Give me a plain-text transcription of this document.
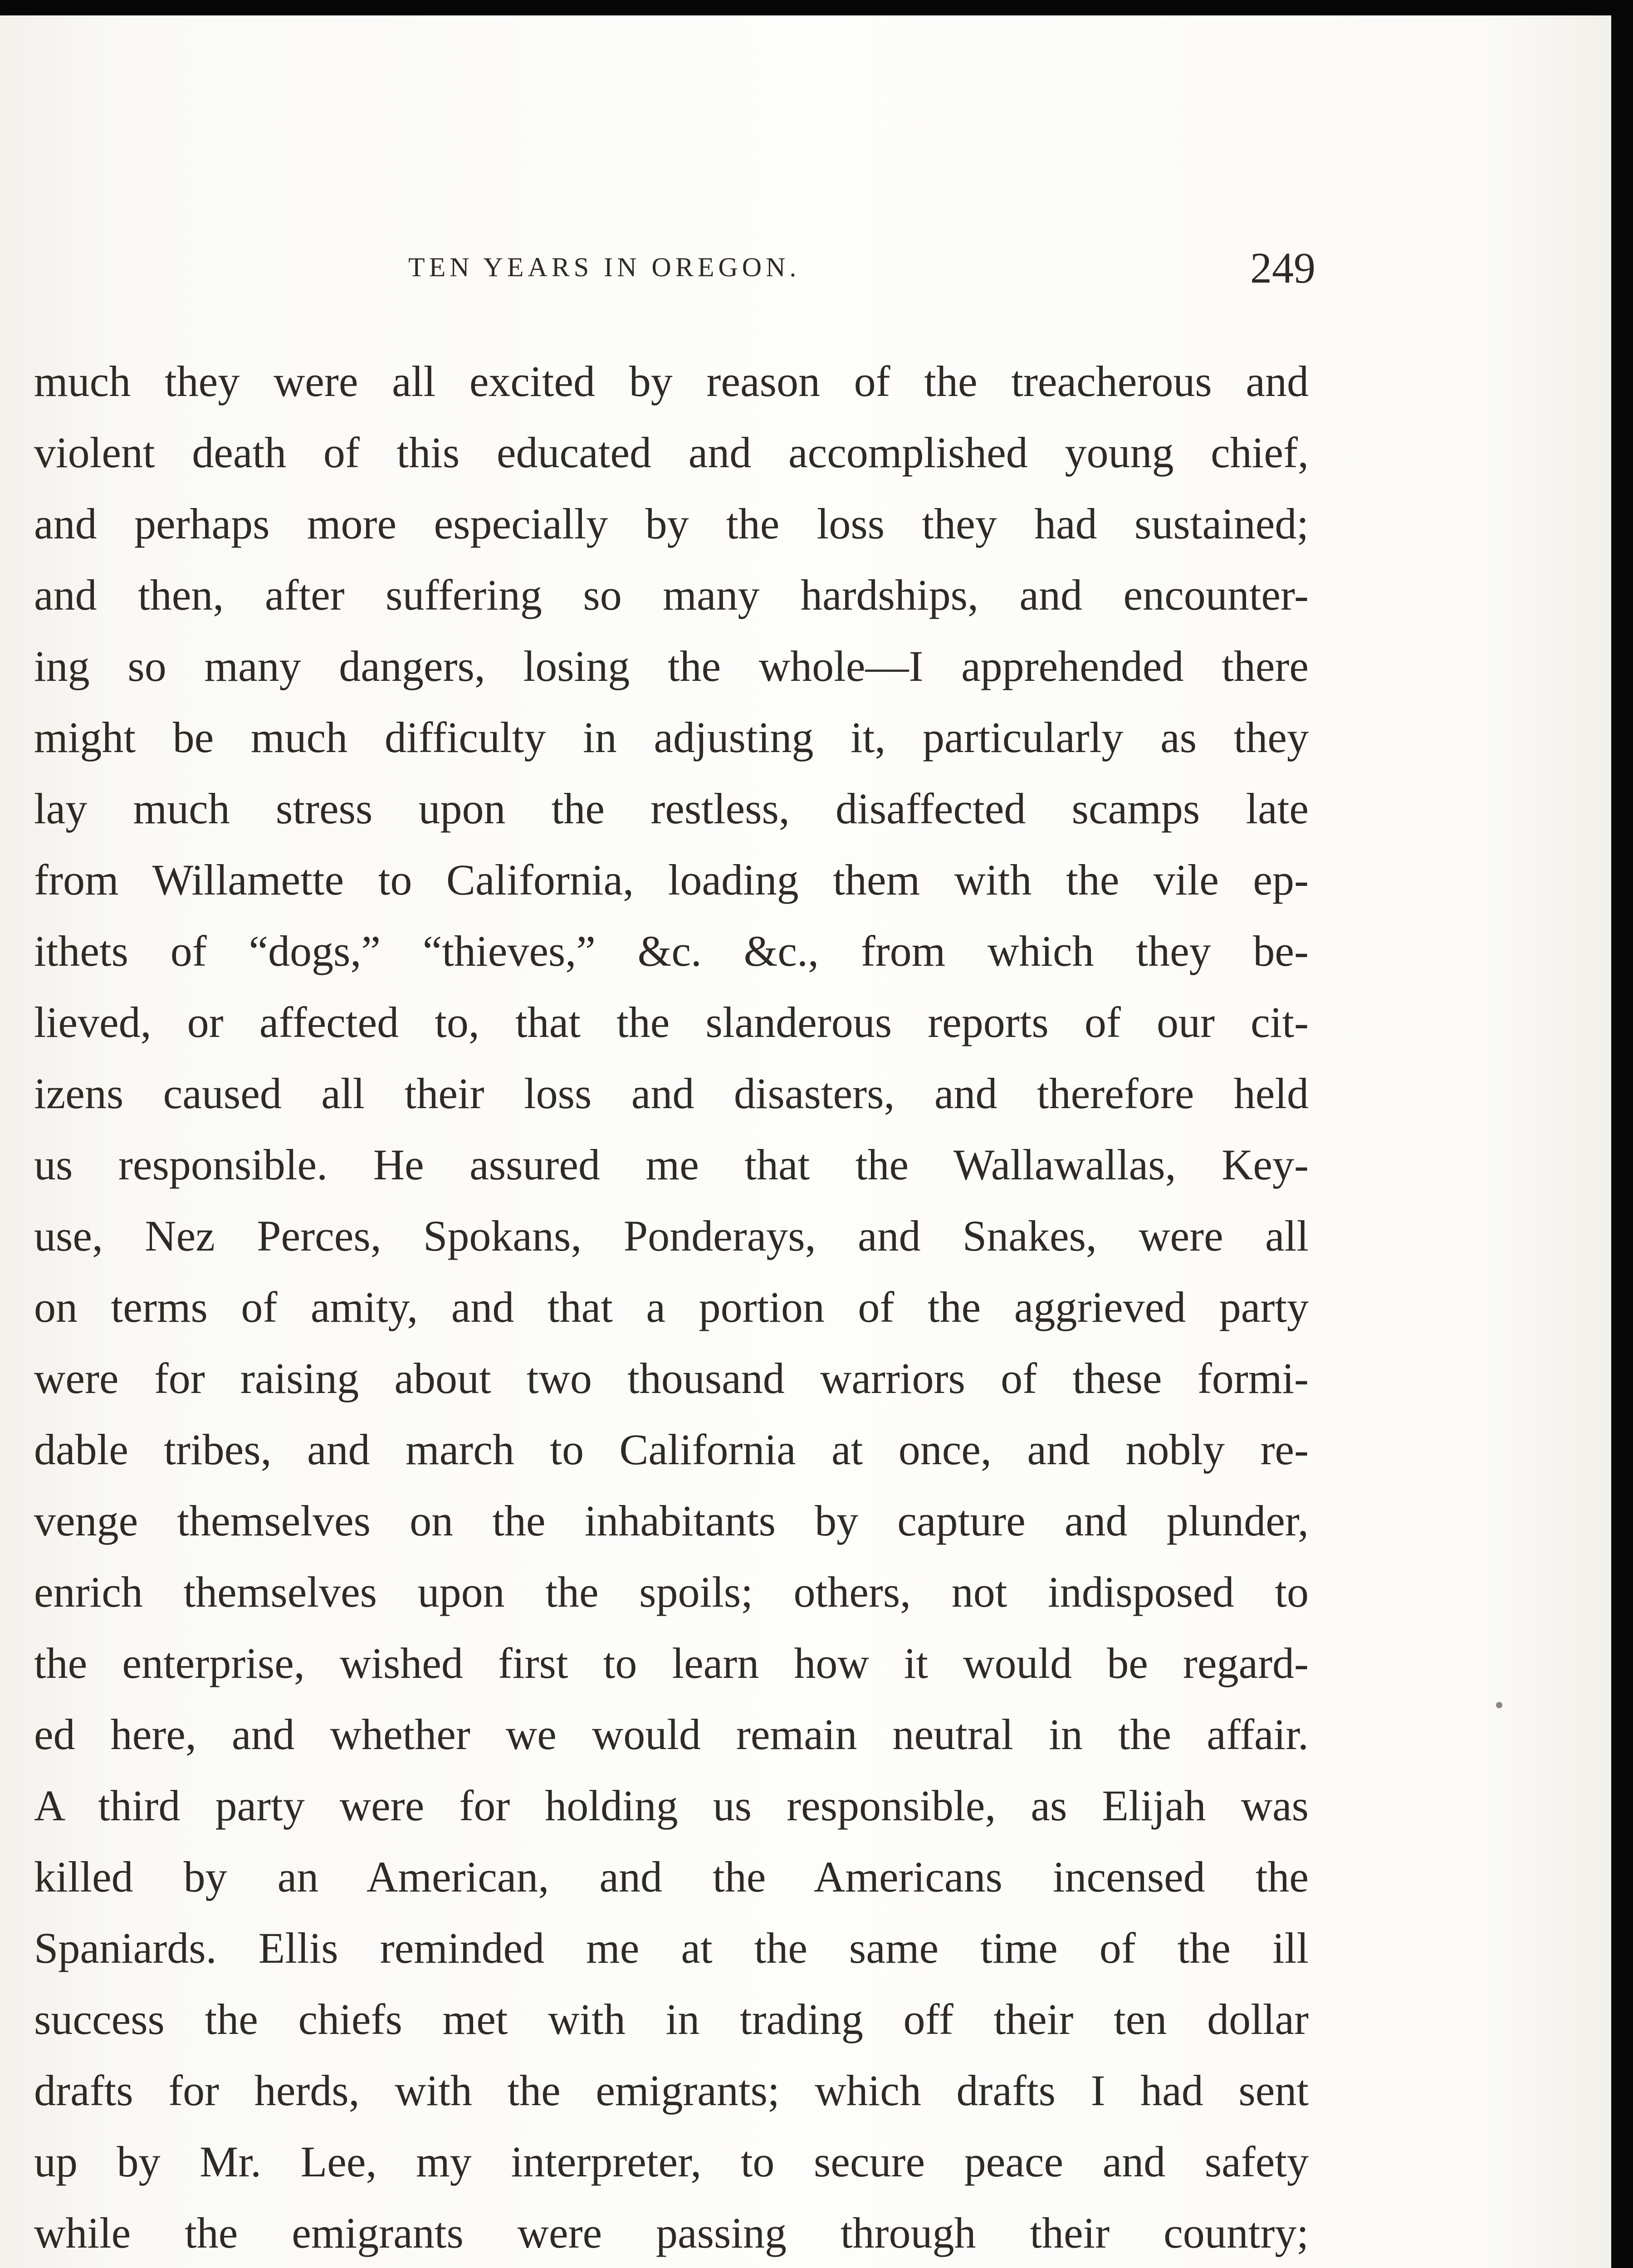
TEN YEARS IN OREGON.	249
much they were all excited by reason of the treacherous and
violent death of this educated and accomplished young chief,
and perhaps more especially by the loss they had sustained;
and then, after suffering so many hardships, and encounter-
ing so many dangers, losing the whole—I apprehended there
might be much difficulty in adjusting it, particularly as they
lay much stress upon the restless, disaffected scamps late
from Willamette to California, loading them with the vile ep-
ithets of “dogs,” “thieves,” &c. &c., from which they be-
lieved, or affected to, that the slanderous reports of our cit-
izens caused all their loss and disasters, and therefore held
us responsible. He assured me that the Wallawallas, Key-
use, Nez Perces, Spokans, Ponderays, and Snakes, were all
on terms of amity, and that a portion of the aggrieved party
were for raising about two thousand warriors of these formi-
dable tribes, and march to California at once, and nobly re-
venge themselves on the inhabitants by capture and plunder,
enrich themselves upon the spoils; others, not indisposed to
the enterprise, wished first to learn how it would be regard-
ed here, and whether we would remain neutral in the affair.
A third party were for holding us responsible, as Elijah was
killed by an American, and the Americans incensed the
Spaniards. Ellis reminded me at the same time of the ill
success the chiefs met with in trading off their ten dollar
drafts for herds, with the emigrants; which drafts I had sent
up by Mr. Lee, my interpreter, to secure peace and safety
while the emigrants were passing through their country;
